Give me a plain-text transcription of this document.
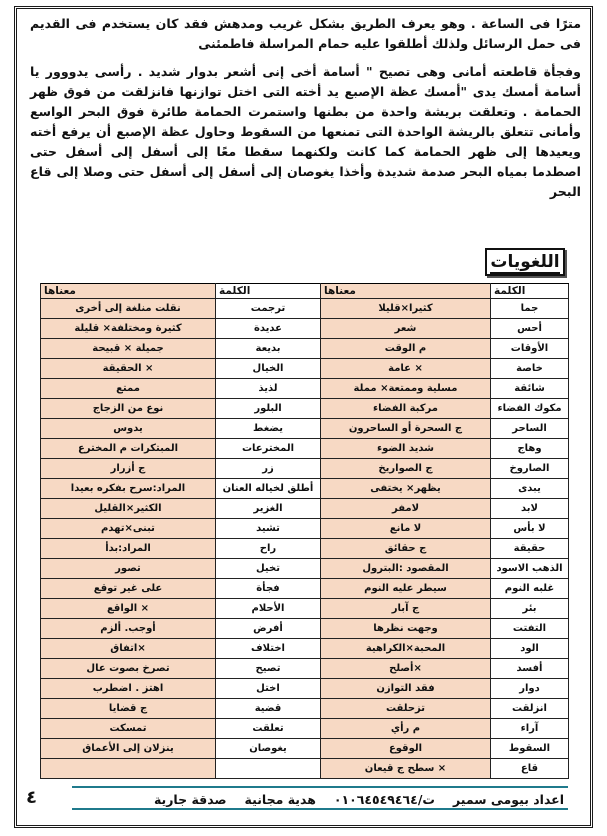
مترًا فى الساعة . وهو يعرف الطريق بشكل غريب ومدهش فقد كان يستخدم فى القديم فى حمل الرسائل ولذلك أطلقوا عليه حمام المراسلة فاطمئنى

وفجأة قاطعته أمانى وهى تصيح " أسامة أخى إنى أشعر بدوار شديد . رأسى يدووور يا أسامة أمسك يدى "أمسك عظة الإصبع يد أخته التى اختل توازنها فانزلقت من فوق ظهر الحمامة . وتعلقت بريشة واحدة من بطنها واستمرت الحمامة طائرة فوق البحر الواسع وأمانى تتعلق بالريشة الواحدة التى تمنعها من السقوط وحاول عظة الإصبع أن يرفع أخته ويعيدها إلى ظهر الحمامة كما كانت ولكنهما سقطا معًا إلى أسفل إلى أسفل حتى اصطدما بمياه البحر صدمة شديدة وأخذا يغوصان إلى أسفل إلى أسفل حتى وصلا إلى قاع البحر

اللغويات
الكلمة	معناها	الكلمة	معناها
جما	كثيرا×قليلا	ترجمت	نقلت منلغة إلى أخرى
أحس	شعر	عديدة	كثيرة ومختلفة× قليلة
الأوقات	م الوقت	بديعة	جميلة × قبيحة
خاصة	× عامة	الخيال	× الحقيقة
شائقة	مسلية وممتعة× مملة	لذيذ	ممتع
مكوك الفضاء	مركبة الفضاء	البلور	نوع من الزجاج
الساحر	ج السحرة أو الساحرون	يضغط	يدوس
وهاج	شديد الضوء	المخترعات	المبتكرات م المخترع
الصاروخ	ج الصواريخ	زر	ج أزرار
يبدى	يظهر× يختفى	أطلق لخياله العنان	المراد:سرح بفكره بعيدا
لابد	لامفر	الغزير	الكثير×القليل
لا بأس	لا مانع	تشيد	تبنى×تهدم
حقيقة	ج حقائق	راح	المراد:بدأ
الذهب الاسود	المقصود :البترول	تخيل	تصور
غلبه النوم	سيطر عليه النوم	فجأة	على غير توقع
بئر	ج آبار	الأحلام	× الواقع
التفتت	وجهت نظرها	أفرض	أوجب. ألزم
الود	المحبة×الكراهية	اختلاف	×اتفاق
أفسد	×أصلح	تصيح	تصرخ بصوت عال
دوار	فقد التوازن	اختل	اهتز . اضطرب
انزلقت	تزحلقت	قضية	ج قضايا
آراء	م رأي	تعلقت	تمسكت
السقوط	الوقوع	يغوصان	ينزلان إلى الأعماق
قاع	× سطح ج قيعان		
اعداد بيومى سمير
ت/٠١٠٦٤٥٤٩٤٦٤
هدية مجانية
صدقة جارية
٤
